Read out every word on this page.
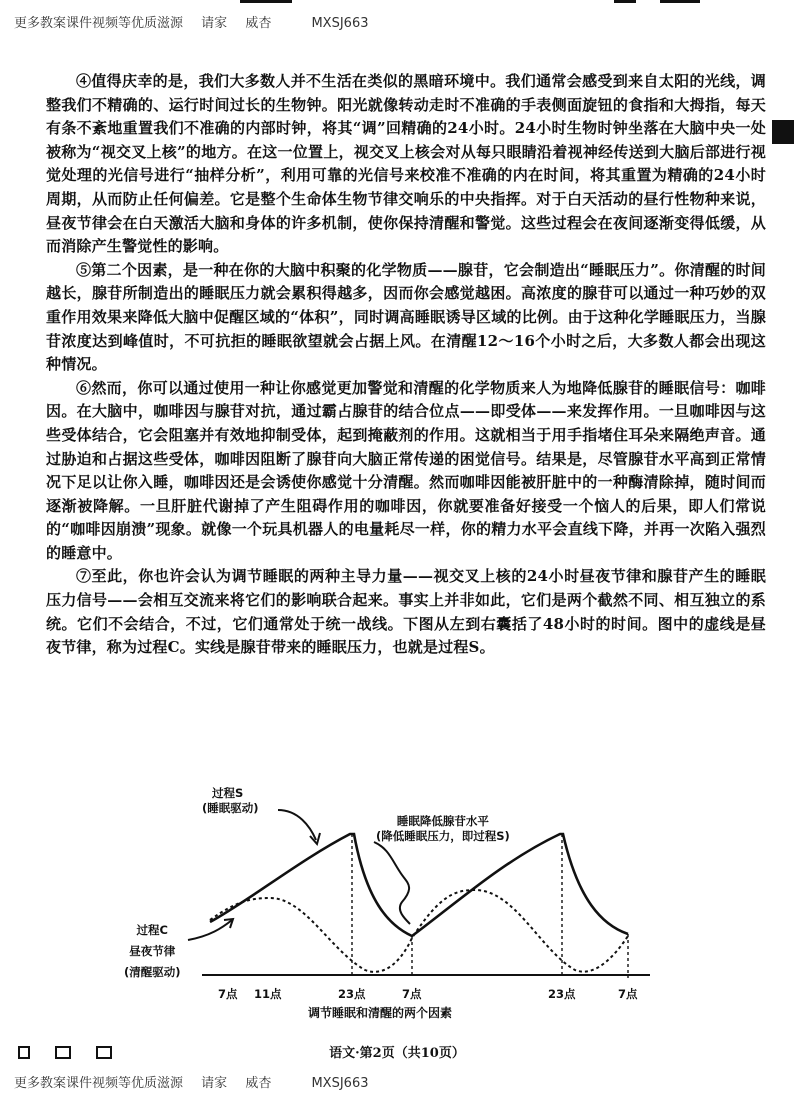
更多教案课件视频等优质滋源 请家 威杏	MXSJ663

④值得庆幸的是，我们大多数人并不生活在类似的黑暗环境中。我们通常会感受到来自太阳的光线，调整我们不精确的、运行时间过长的生物钟。阳光就像转动走时不准确的手表侧面旋钮的食指和大拇指，每天有条不紊地重置我们不准确的内部时钟，将其“调”回精确的24小时。24小时生物时钟坐落在大脑中央一处被称为“视交叉上核”的地方。在这一位置上，视交叉上核会对从每只眼睛沿着视神经传送到大脑后部进行视觉处理的光信号进行“抽样分析”，利用可靠的光信号来校准不准确的内在时间，将其重置为精确的24小时周期，从而防止任何偏差。它是整个生命体生物节律交响乐的中央指挥。对于白天活动的昼行性物种来说，昼夜节律会在白天激活大脑和身体的许多机制，使你保持清醒和警觉。这些过程会在夜间逐渐变得低缓，从而消除产生警觉性的影响。

⑤第二个因素，是一种在你的大脑中积聚的化学物质——腺苷，它会制造出“睡眠压力”。你清醒的时间越长，腺苷所制造出的睡眠压力就会累积得越多，因而你会感觉越困。高浓度的腺苷可以通过一种巧妙的双重作用效果来降低大脑中促醒区域的“体积”，同时调高睡眠诱导区域的比例。由于这种化学睡眠压力，当腺苷浓度达到峰值时，不可抗拒的睡眠欲望就会占据上风。在清醒12～16个小时之后，大多数人都会出现这种情况。

⑥然而，你可以通过使用一种让你感觉更加警觉和清醒的化学物质来人为地降低腺苷的睡眠信号：咖啡因。在大脑中，咖啡因与腺苷对抗，通过霸占腺苷的结合位点——即受体——来发挥作用。一旦咖啡因与这些受体结合，它会阻塞并有效地抑制受体，起到掩蔽剂的作用。这就相当于用手指堵住耳朵来隔绝声音。通过胁迫和占据这些受体，咖啡因阻断了腺苷向大脑正常传递的困觉信号。结果是，尽管腺苷水平高到正常情况下足以让你入睡，咖啡因还是会诱使你感觉十分清醒。然而咖啡因能被肝脏中的一种酶清除掉，随时间而逐渐被降解。一旦肝脏代谢掉了产生阻碍作用的咖啡因，你就要准备好接受一个恼人的后果，即人们常说的“咖啡因崩溃”现象。就像一个玩具机器人的电量耗尽一样，你的精力水平会直线下降，并再一次陷入强烈的睡意中。

⑦至此，你也许会认为调节睡眠的两种主导力量——视交叉上核的24小时昼夜节律和腺苷产生的睡眠压力信号——会相互交流来将它们的影响联合起来。事实上并非如此，它们是两个截然不同、相互独立的系统。它们不会结合，不过，它们通常处于统一战线。下图从左到右囊括了48小时的时间。图中的虚线是昼夜节律，称为过程C。实线是腺苷带来的睡眠压力，也就是过程S。

过程S
(睡眠驱动)
睡眠降低腺苷水平
(降低睡眠压力，即过程S)
过程C
昼夜节律
(清醒驱动)
7点 11点	23点	7点	23点	7点
调节睡眠和清醒的两个因素

语文·第2页（共10页）
更多教案课件视频等优质滋源 请家 威杏	MXSJ663
